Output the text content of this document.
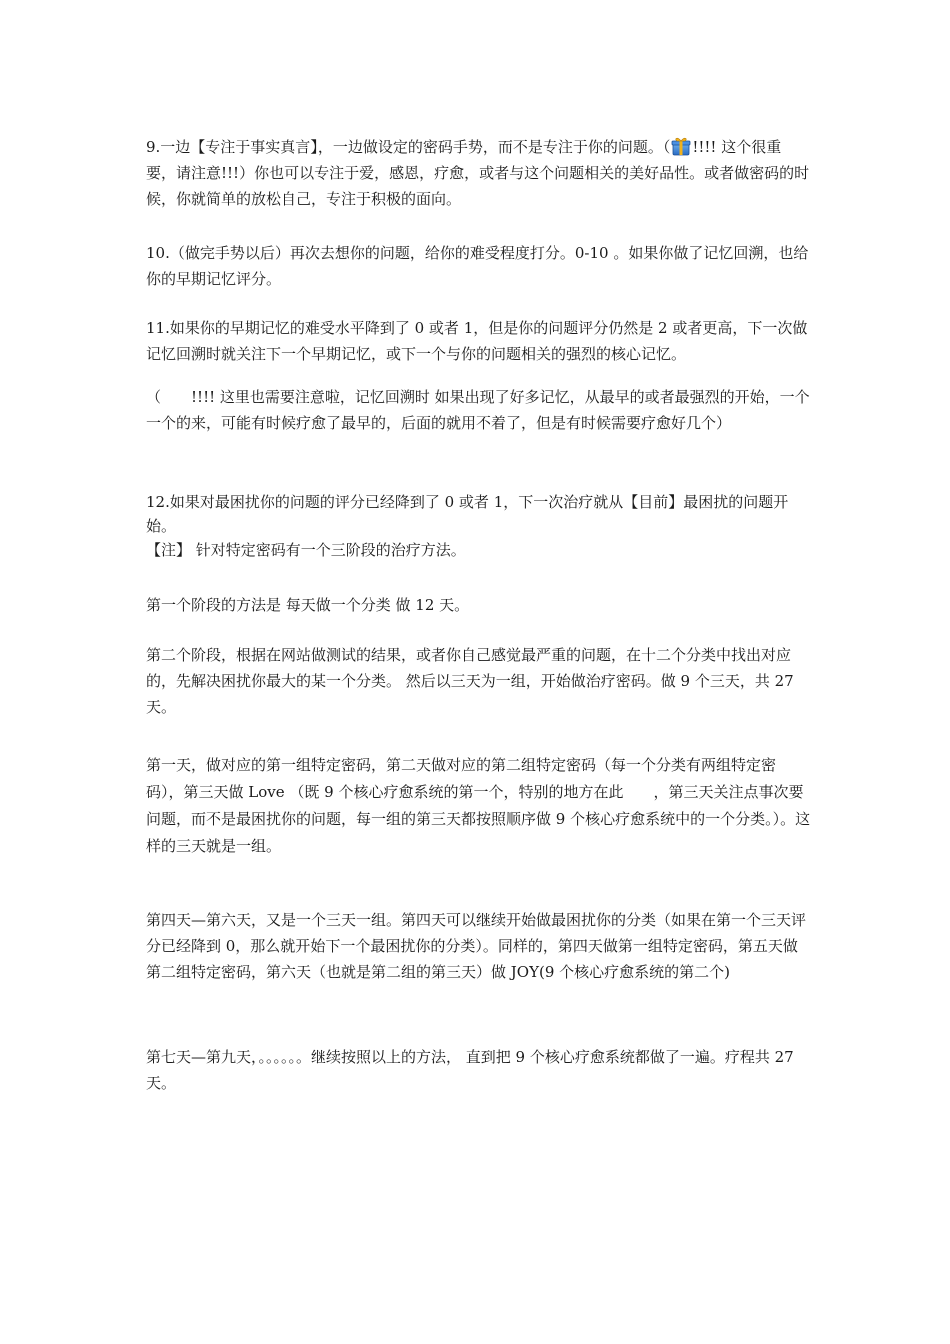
9.一边【专注于事实真言】，一边做设定的密码手势，而不是专注于你的问题。（ !!!! 这个很重要，请注意!!!）你也可以专注于爱，感恩，疗愈，或者与这个问题相关的美好品性。或者做密码的时候，你就简单的放松自己，专注于积极的面向。

10.（做完手势以后）再次去想你的问题，给你的难受程度打分。0-10 。如果你做了记忆回溯，也给你的早期记忆评分。

11.如果你的早期记忆的难受水平降到了 0 或者 1，但是你的问题评分仍然是 2 或者更高，下一次做记忆回溯时就关注下一个早期记忆，或下一个与你的问题相关的强烈的核心记忆。

（ !!!! 这里也需要注意啦，记忆回溯时 如果出现了好多记忆，从最早的或者最强烈的开始，一个一个的来，可能有时候疗愈了最早的，后面的就用不着了，但是有时候需要疗愈好几个）

12.如果对最困扰你的问题的评分已经降到了 0 或者 1，下一次治疗就从【目前】最困扰的问题开始。

【注】 针对特定密码有一个三阶段的治疗方法。

第一个阶段的方法是 每天做一个分类 做 12 天。

第二个阶段，根据在网站做测试的结果，或者你自己感觉最严重的问题，在十二个分类中找出对应的，先解决困扰你最大的某一个分类。 然后以三天为一组，开始做治疗密码。做 9 个三天，共 27 天。

第一天，做对应的第一组特定密码，第二天做对应的第二组特定密码（每一个分类有两组特定密码），第三天做 Love （既 9 个核心疗愈系统的第一个，特别的地方在此 ，第三天关注点事次要问题，而不是最困扰你的问题，每一组的第三天都按照顺序做 9 个核心疗愈系统中的一个分类。）。这样的三天就是一组。

第四天—第六天，又是一个三天一组。第四天可以继续开始做最困扰你的分类（如果在第一个三天评分已经降到 0，那么就开始下一个最困扰你的分类）。同样的，第四天做第一组特定密码，第五天做第二组特定密码，第六天（也就是第二组的第三天）做 JOY(9 个核心疗愈系统的第二个)

第七天—第九天，。。。。。。继续按照以上的方法， 直到把 9 个核心疗愈系统都做了一遍。疗程共 27 天。
